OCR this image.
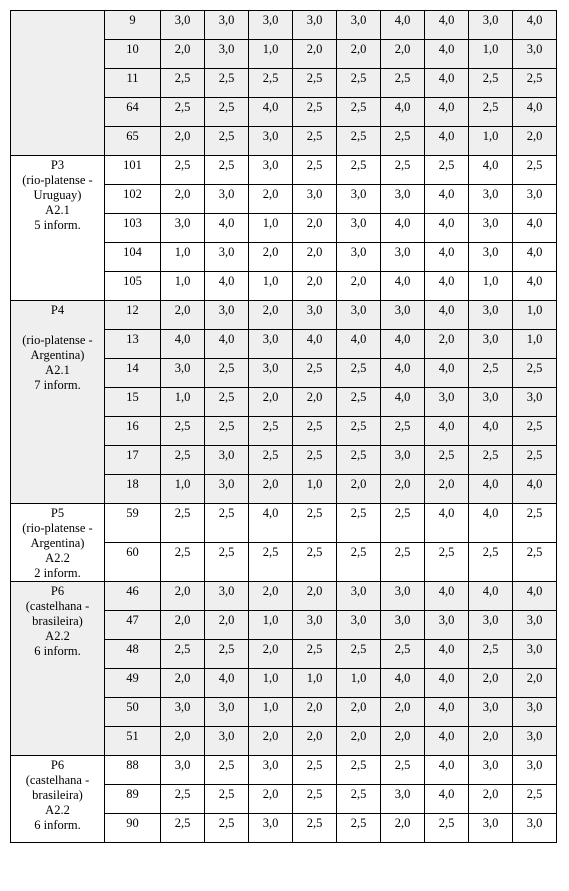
	9	3,0	3,0	3,0	3,0	3,0	4,0	4,0	3,0	4,0
	10	2,0	3,0	1,0	2,0	2,0	2,0	4,0	1,0	3,0
	11	2,5	2,5	2,5	2,5	2,5	2,5	4,0	2,5	2,5
	64	2,5	2,5	4,0	2,5	2,5	4,0	4,0	2,5	4,0
	65	2,0	2,5	3,0	2,5	2,5	2,5	4,0	1,0	2,0

P3
(rio-platense -
Uruguay)
A2.1
5 inform.	101	2,5	2,5	3,0	2,5	2,5	2,5	2,5	4,0	2,5
	102	2,0	3,0	2,0	3,0	3,0	3,0	4,0	3,0	3,0
	103	3,0	4,0	1,0	2,0	3,0	4,0	4,0	3,0	4,0
	104	1,0	3,0	2,0	2,0	3,0	3,0	4,0	3,0	4,0
	105	1,0	4,0	1,0	2,0	2,0	4,0	4,0	1,0	4,0

P4

(rio-platense -
Argentina)
A2.1
7 inform.	12	2,0	3,0	2,0	3,0	3,0	3,0	4,0	3,0	1,0
	13	4,0	4,0	3,0	4,0	4,0	4,0	2,0	3,0	1,0
	14	3,0	2,5	3,0	2,5	2,5	4,0	4,0	2,5	2,5
	15	1,0	2,5	2,0	2,0	2,5	4,0	3,0	3,0	3,0
	16	2,5	2,5	2,5	2,5	2,5	2,5	4,0	4,0	2,5
	17	2,5	3,0	2,5	2,5	2,5	3,0	2,5	2,5	2,5
	18	1,0	3,0	2,0	1,0	2,0	2,0	2,0	4,0	4,0

P5
(rio-platense -
Argentina)
A2.2
2 inform.	59	2,5	2,5	4,0	2,5	2,5	2,5	4,0	4,0	2,5
	60	2,5	2,5	2,5	2,5	2,5	2,5	2,5	2,5	2,5

P6
(castelhana -
brasileira)
A2.2
6 inform.	46	2,0	3,0	2,0	2,0	3,0	3,0	4,0	4,0	4,0
	47	2,0	2,0	1,0	3,0	3,0	3,0	3,0	3,0	3,0
	48	2,5	2,5	2,0	2,5	2,5	2,5	4,0	2,5	3,0
	49	2,0	4,0	1,0	1,0	1,0	4,0	4,0	2,0	2,0
	50	3,0	3,0	1,0	2,0	2,0	2,0	4,0	3,0	3,0
	51	2,0	3,0	2,0	2,0	2,0	2,0	4,0	2,0	3,0

P6
(castelhana -
brasileira)
A2.2
6 inform.	88	3,0	2,5	3,0	2,5	2,5	2,5	4,0	3,0	3,0
	89	2,5	2,5	2,0	2,5	2,5	3,0	4,0	2,0	2,5
	90	2,5	2,5	3,0	2,5	2,5	2,0	2,5	3,0	3,0
